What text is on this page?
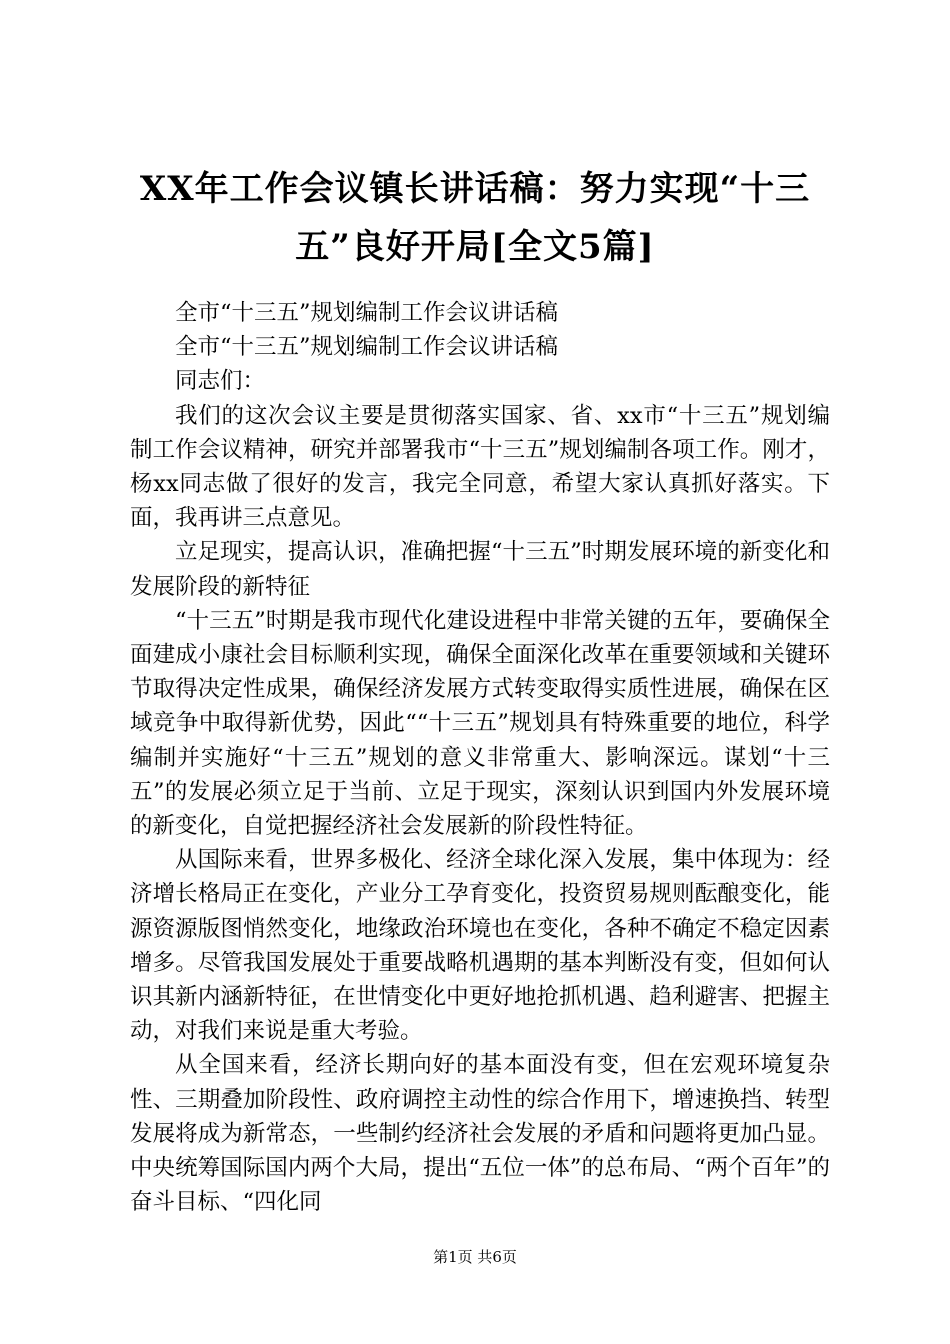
XX年工作会议镇长讲话稿：努力实现“十三
五”良好开局[全文5篇]

全市“十三五”规划编制工作会议讲话稿

全市“十三五”规划编制工作会议讲话稿

同志们：

我们的这次会议主要是贯彻落实国家、省、xx市“十三五”规划编制工作会议精神，研究并部署我市“十三五”规划编制各项工作。刚才，杨xx同志做了很好的发言，我完全同意，希望大家认真抓好落实。下面，我再讲三点意见。

立足现实，提高认识，准确把握“十三五”时期发展环境的新变化和发展阶段的新特征

“十三五”时期是我市现代化建设进程中非常关键的五年，要确保全面建成小康社会目标顺利实现，确保全面深化改革在重要领域和关键环节取得决定性成果，确保经济发展方式转变取得实质性进展，确保在区域竞争中取得新优势，因此““十三五”规划具有特殊重要的地位，科学编制并实施好“十三五”规划的意义非常重大、影响深远。谋划“十三五”的发展必须立足于当前、立足于现实，深刻认识到国内外发展环境的新变化，自觉把握经济社会发展新的阶段性特征。

从国际来看，世界多极化、经济全球化深入发展，集中体现为：经济增长格局正在变化，产业分工孕育变化，投资贸易规则酝酿变化，能源资源版图悄然变化，地缘政治环境也在变化，各种不确定不稳定因素增多。尽管我国发展处于重要战略机遇期的基本判断没有变，但如何认识其新内涵新特征，在世情变化中更好地抢抓机遇、趋利避害、把握主动，对我们来说是重大考验。

从全国来看，经济长期向好的基本面没有变，但在宏观环境复杂性、三期叠加阶段性、政府调控主动性的综合作用下，增速换挡、转型发展将成为新常态，一些制约经济社会发展的矛盾和问题将更加凸显。中央统筹国际国内两个大局，提出“五位一体”的总布局、“两个百年”的奋斗目标、“四化同

第1页 共6页
